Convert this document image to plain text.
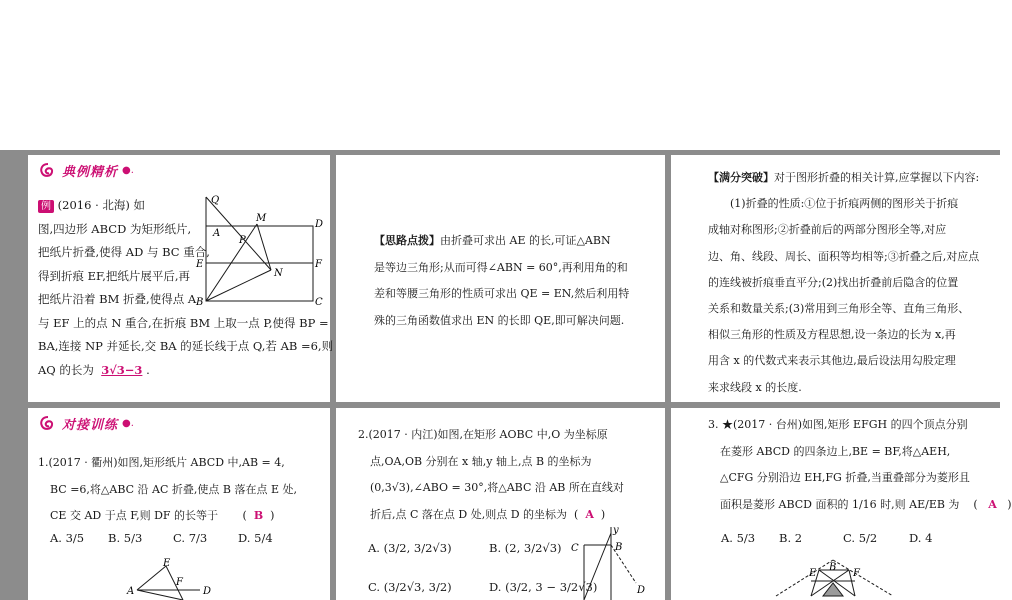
典例精析 ●.
例 (2016 · 北海) 如
图,四边形 ABCD 为矩形纸片,
把纸片折叠,使得 AD 与 BC 重合,
得到折痕 EF,把纸片展平后,再
把纸片沿着 BM 折叠,使得点 A
与 EF 上的点 N 重合,在折痕 BM 上取一点 P,使得 BP =
BA,连接 NP 并延长,交 BA 的延长线于点 Q,若 AB =6,则
AQ 的长为 3√3−3 .
Q
M
D
P
A
E	F
N
B	C
【思路点拨】由折叠可求出 AE 的长,可证△ABN
是等边三角形;从而可得∠ABN = 60°,再利用角的和
差和等腰三角形的性质可求出 QE = EN,然后利用特
殊的三角函数值求出 EN 的长即 QE,即可解决问题.
【满分突破】对于图形折叠的相关计算,应掌握以下内容:
(1)折叠的性质:①位于折痕两侧的图形关于折痕
成轴对称图形;②折叠前后的两部分图形全等,对应
边、角、线段、周长、面积等均相等;③折叠之后,对应点
的连线被折痕垂直平分;(2)找出折叠前后隐含的位置
关系和数量关系;(3)常用到三角形全等、直角三角形、
相似三角形的性质及方程思想,设一条边的长为 x,再
用含 x 的代数式来表示其他边,最后设法用勾股定理
来求线段 x 的长度.
对接训练 ●.
1.(2017 · 衢州)如图,矩形纸片 ABCD 中,AB = 4,
BC =6,将△ABC 沿 AC 折叠,使点 B 落在点 E 处,
CE 交 AD 于点 F,则 DF 的长等于       (  B  )
A. 3/5 B. 5/3	C. 7/3	D. 5/4
E
F
A	D
2.(2017 · 内江)如图,在矩形 AOBC 中,O 为坐标原
点,OA,OB 分别在 x 轴,y 轴上,点 B 的坐标为
(0,3√3),∠ABO = 30°,将△ABC 沿 AB 所在直线对
折后,点 C 落在点 D 处,则点 D 的坐标为  (  A  )
A. (3/2, 3/2√3)	B. (2, 3/2√3)
C. (3/2√3, 3/2)	D. (3/2, 3 − 3/2√3)
y
C	B
D
3. ★(2017 · 台州)如图,矩形 EFGH 的四个顶点分别
在菱形 ABCD 的四条边上,BE = BF,将△AEH,
△CFG 分别沿边 EH,FG 折叠,当重叠部分为菱形且
面积是菱形 ABCD 面积的 1/16 时,则 AE/EB 为    (   A   )
A. 5/3 B. 2	C. 5/2	D. 4
E
B
F
